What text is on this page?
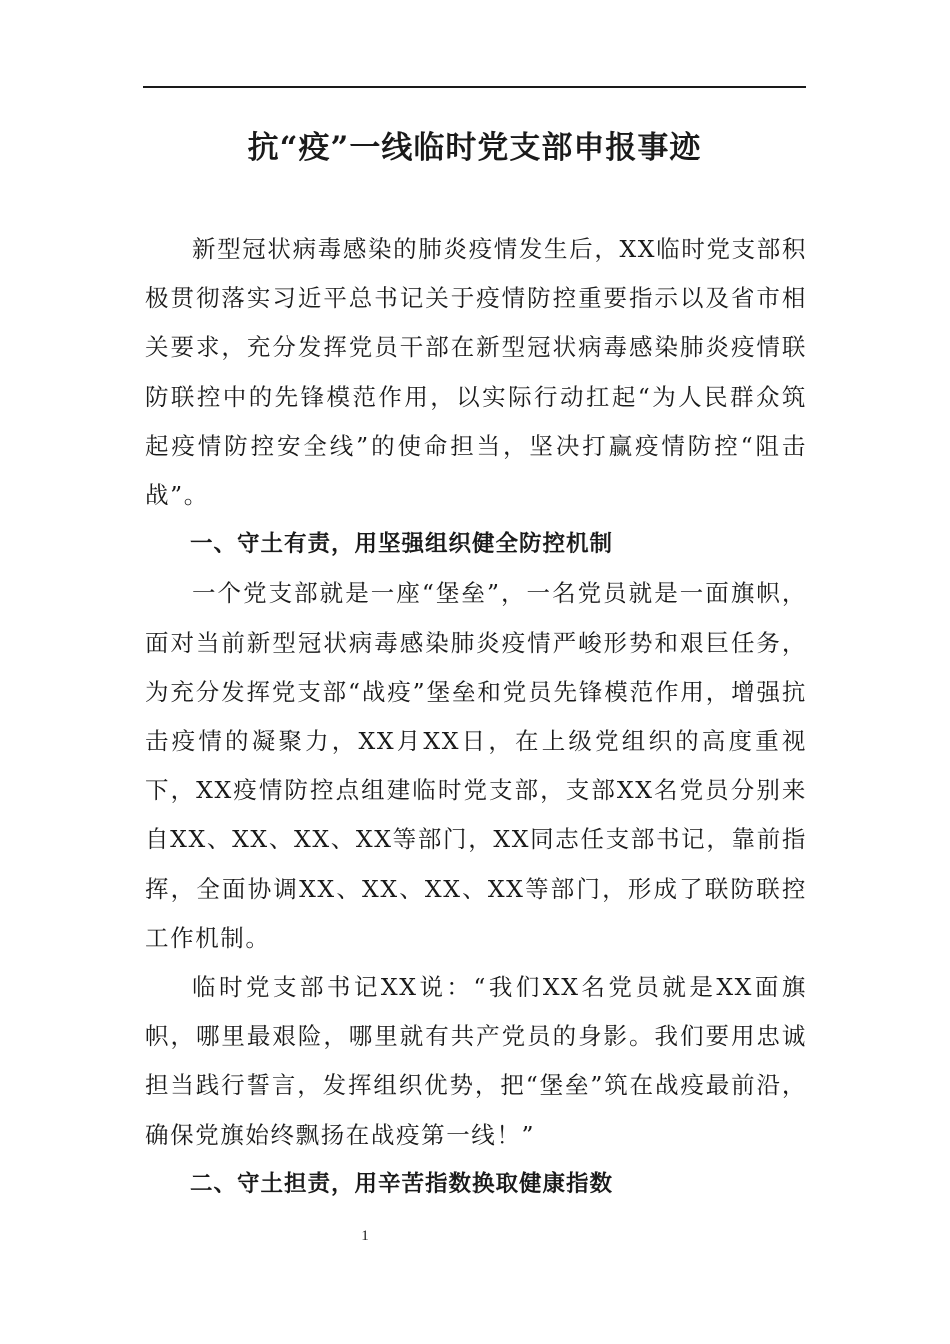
抗“疫”一线临时党支部申报事迹

新型冠状病毒感染的肺炎疫情发生后，XX临时党支部积极贯彻落实习近平总书记关于疫情防控重要指示以及省市相关要求，充分发挥党员干部在新型冠状病毒感染肺炎疫情联防联控中的先锋模范作用，以实际行动扛起“为人民群众筑起疫情防控安全线”的使命担当，坚决打赢疫情防控“阻击战”。

一、守土有责，用坚强组织健全防控机制

一个党支部就是一座“堡垒”，一名党员就是一面旗帜，面对当前新型冠状病毒感染肺炎疫情严峻形势和艰巨任务，为充分发挥党支部“战疫”堡垒和党员先锋模范作用，增强抗击疫情的凝聚力，XX月XX日，在上级党组织的高度重视下，XX疫情防控点组建临时党支部，支部XX名党员分别来自XX、XX、XX、XX等部门，XX同志任支部书记，靠前指挥，全面协调XX、XX、XX、XX等部门，形成了联防联控工作机制。

临时党支部书记XX说：“我们XX名党员就是XX面旗帜，哪里最艰险，哪里就有共产党员的身影。我们要用忠诚担当践行誓言，发挥组织优势，把“堡垒”筑在战疫最前沿，确保党旗始终飘扬在战疫第一线！”

二、守土担责，用辛苦指数换取健康指数

1
